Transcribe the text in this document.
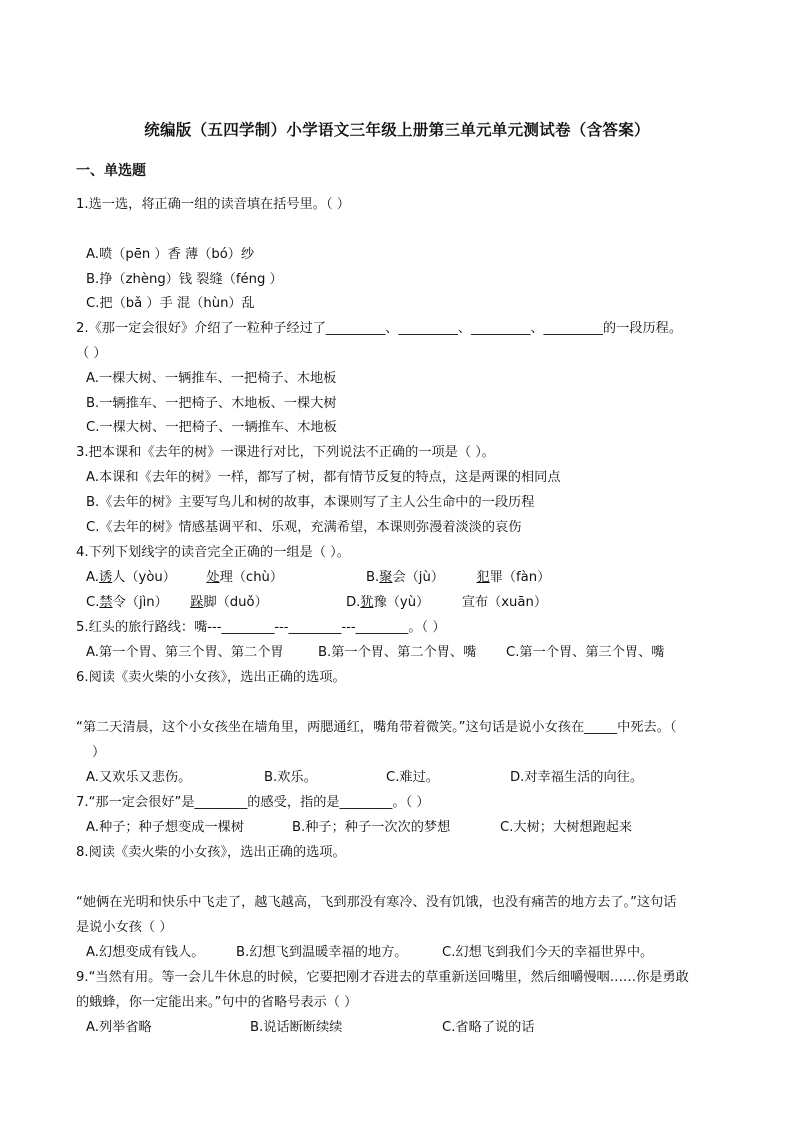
统编版（五四学制）小学语文三年级上册第三单元单元测试卷（含答案）
一、单选题
1.选一选，将正确一组的读音填在括号里。（ ）
A.喷（pēn ）香 薄（bó）纱
B.挣（zhèng）钱 裂缝（féng ）
C.把（bǎ ）手 混（hùn）乱
2.《那一定会很好》介绍了一粒种子经过了_________、_________、_________、_________的一段历程。
（ ）
A.一棵大树、一辆推车、一把椅子、木地板
B.一辆推车、一把椅子、木地板、一棵大树
C.一棵大树、一把椅子、一辆推车、木地板
3.把本课和《去年的树》一课进行对比，下列说法不正确的一项是（ ）。
A.本课和《去年的树》一样，都写了树，都有情节反复的特点，这是两课的相同点
B.《去年的树》主要写鸟儿和树的故事，本课则写了主人公生命中的一段历程
C.《去年的树》情感基调平和、乐观，充满希望，本课则弥漫着淡淡的哀伤
4.下列下划线字的读音完全正确的一组是（ ）。
A.诱人（yòu） 处理（chù）	B.聚会（jù） 犯罪（fàn）
C.禁令（jìn） 跺脚（duǒ）	D.犹豫（yù） 宣布（xuān）
5.红头的旅行路线：嘴---________---________---________。（ ）
A.第一个胃、第三个胃、第二个胃	B.第一个胃、第二个胃、嘴 C.第一个胃、第三个胃、嘴
6.阅读《卖火柴的小女孩》，选出正确的选项。
“第二天清晨，这个小女孩坐在墙角里，两腮通红，嘴角带着微笑。”这句话是说小女孩在_____中死去。（
）
A.又欢乐又悲伤。	B.欢乐。	C.难过。	D.对幸福生活的向往。
7.“那一定会很好”是________的感受，指的是________。（ ）
A.种子；种子想变成一棵树	B.种子；种子一次次的梦想	C.大树；大树想跑起来
8.阅读《卖火柴的小女孩》，选出正确的选项。
“她俩在光明和快乐中飞走了，越飞越高，飞到那没有寒冷、没有饥饿，也没有痛苦的地方去了。”这句话
是说小女孩（ ）
A.幻想变成有钱人。 B.幻想飞到温暖幸福的地方。	C.幻想飞到我们今天的幸福世界中。
9.“当然有用。等一会儿牛休息的时候，它要把刚才吞进去的草重新送回嘴里，然后细嚼慢咽……你是勇敢
的蛾蜂，你一定能出来。”句中的省略号表示（ ）
A.列举省略	B.说话断断续续	C.省略了说的话
